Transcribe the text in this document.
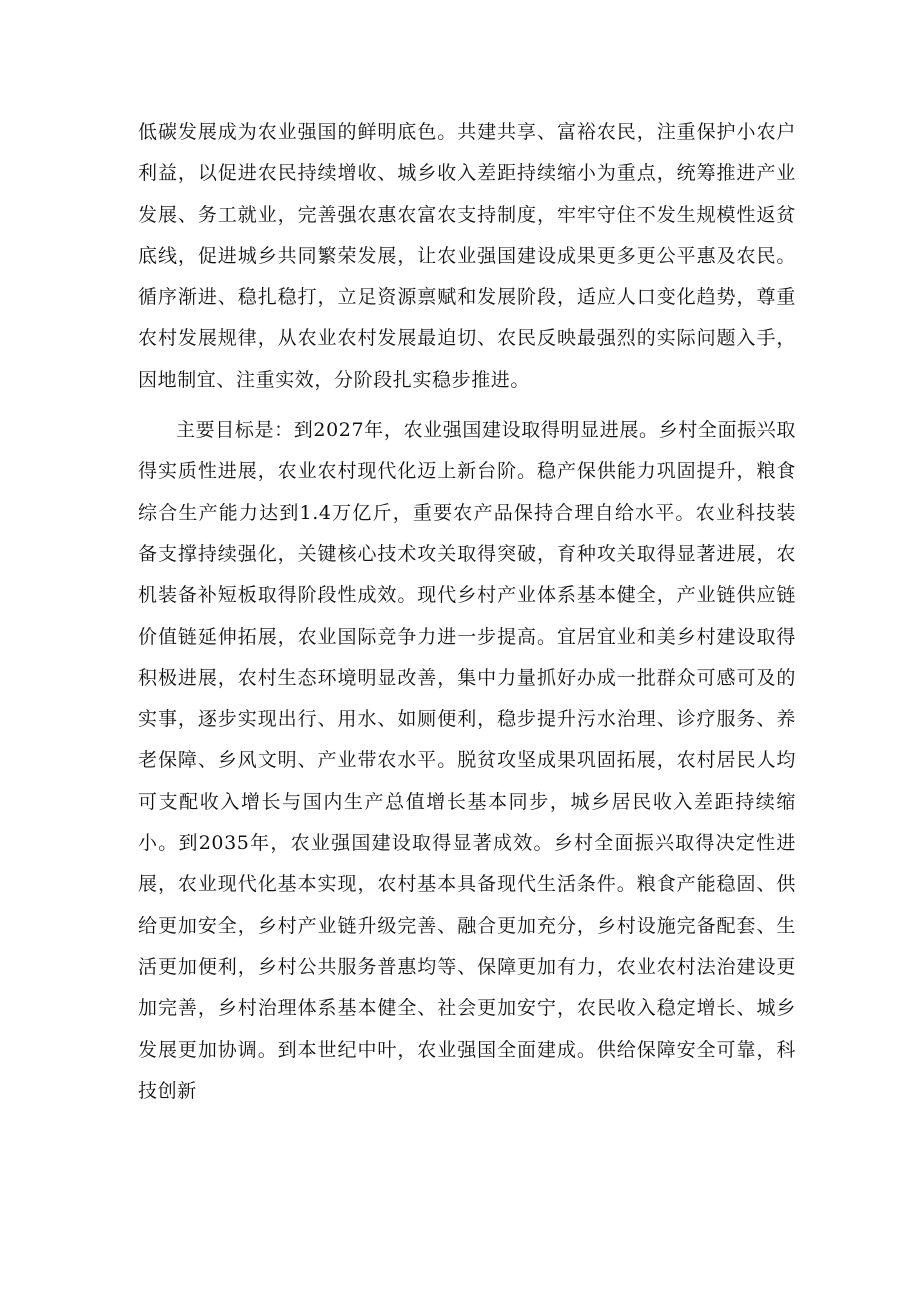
低碳发展成为农业强国的鲜明底色。共建共享、富裕农民，注重保护小农户利益，以促进农民持续增收、城乡收入差距持续缩小为重点，统筹推进产业发展、务工就业，完善强农惠农富农支持制度，牢牢守住不发生规模性返贫底线，促进城乡共同繁荣发展，让农业强国建设成果更多更公平惠及农民。循序渐进、稳扎稳打，立足资源禀赋和发展阶段，适应人口变化趋势，尊重农村发展规律，从农业农村发展最迫切、农民反映最强烈的实际问题入手，因地制宜、注重实效，分阶段扎实稳步推进。

主要目标是：到2027年，农业强国建设取得明显进展。乡村全面振兴取得实质性进展，农业农村现代化迈上新台阶。稳产保供能力巩固提升，粮食综合生产能力达到1.4万亿斤，重要农产品保持合理自给水平。农业科技装备支撑持续强化，关键核心技术攻关取得突破，育种攻关取得显著进展，农机装备补短板取得阶段性成效。现代乡村产业体系基本健全，产业链供应链价值链延伸拓展，农业国际竞争力进一步提高。宜居宜业和美乡村建设取得积极进展，农村生态环境明显改善，集中力量抓好办成一批群众可感可及的实事，逐步实现出行、用水、如厕便利，稳步提升污水治理、诊疗服务、养老保障、乡风文明、产业带农水平。脱贫攻坚成果巩固拓展，农村居民人均可支配收入增长与国内生产总值增长基本同步，城乡居民收入差距持续缩小。到2035年，农业强国建设取得显著成效。乡村全面振兴取得决定性进展，农业现代化基本实现，农村基本具备现代生活条件。粮食产能稳固、供给更加安全，乡村产业链升级完善、融合更加充分，乡村设施完备配套、生活更加便利，乡村公共服务普惠均等、保障更加有力，农业农村法治建设更加完善，乡村治理体系基本健全、社会更加安宁，农民收入稳定增长、城乡发展更加协调。到本世纪中叶，农业强国全面建成。供给保障安全可靠，科技创新
